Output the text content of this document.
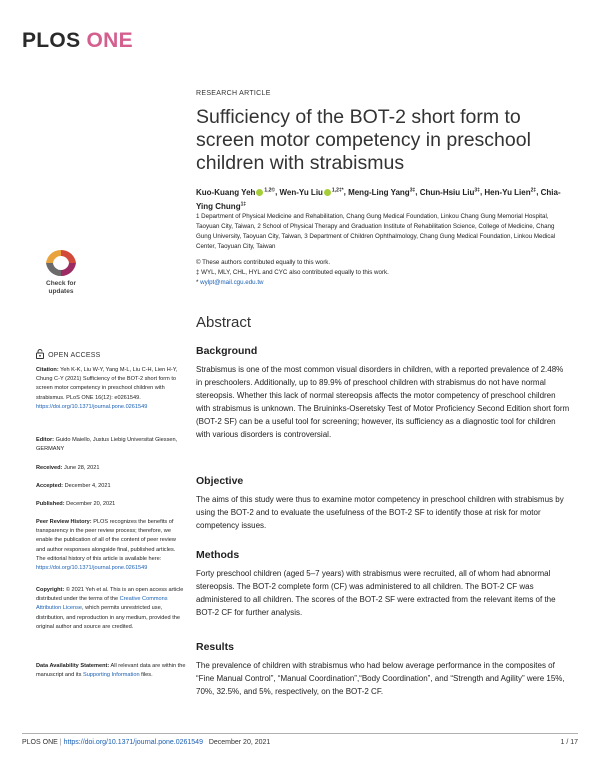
PLOS ONE
RESEARCH ARTICLE
Sufficiency of the BOT-2 short form to screen motor competency in preschool children with strabismus
Kuo-Kuang Yeh $^{1,2©}$, Wen-Yu Liu $^{1,2\ddagger*}$, Meng-Ling Yang$^{3\ddagger}$, Chun-Hsiu Liu$^{3\ddagger}$, Hen-Yu Lien$^{2\ddagger}$, Chia-Ying Chung$^{1\ddagger}$
1 Department of Physical Medicine and Rehabilitation, Chang Gung Medical Foundation, Linkou Chang Gung Memorial Hospital, Taoyuan City, Taiwan, 2 School of Physical Therapy and Graduation Institute of Rehabilitation Science, College of Medicine, Chang Gung University, Taoyuan City, Taiwan, 3 Department of Children Ophthalmology, Chang Gung Medical Foundation, Linkou Medical Center, Taoyuan City, Taiwan
© These authors contributed equally to this work.
‡ WYL, MLY, CHL, HYL and CYC also contributed equally to this work.
* wylpt@mail.cgu.edu.tw
Abstract
Background
Strabismus is one of the most common visual disorders in children, with a reported prevalence of 2.48% in preschoolers. Additionally, up to 89.9% of preschool children with strabismus do not have normal stereopsis. Whether this lack of normal stereopsis affects the motor competency of preschool children with strabismus is unknown. The Bruininks-Oseretsky Test of Motor Proficiency Second Edition short form (BOT-2 SF) can be a useful tool for screening; however, its sufficiency as a diagnostic tool for children with various disorders is controversial.
Objective
The aims of this study were thus to examine motor competency in preschool children with strabismus by using the BOT-2 and to evaluate the usefulness of the BOT-2 SF to identify those at risk for motor competency issues.
Methods
Forty preschool children (aged 5–7 years) with strabismus were recruited, all of whom had abnormal stereopsis. The BOT-2 complete form (CF) was administered to all children. The BOT-2 CF was administered to all children. The scores of the BOT-2 SF were extracted from the relevant items of the BOT-2 CF for further analysis.
Results
The prevalence of children with strabismus who had below average performance in the composites of “Fine Manual Control”, “Manual Coordination”,“Body Coordination”, and “Strength and Agility” were 15%, 70%, 32.5%, and 5%, respectively, on the BOT-2 CF.
Check for
updates
OPEN ACCESS
Citation: Yeh K-K, Liu W-Y, Yang M-L, Liu C-H, Lien H-Y, Chung C-Y (2021) Sufficiency of the BOT-2 short form to screen motor competency in preschool children with strabismus. PLoS ONE 16(12): e0261549. https://doi.org/10.1371/journal.pone.0261549
Editor: Guido Maiello, Justus Liebig Universitat Giessen, GERMANY
Received: June 28, 2021
Accepted: December 4, 2021
Published: December 20, 2021
Peer Review History: PLOS recognizes the benefits of transparency in the peer review process; therefore, we enable the publication of all of the content of peer review and author responses alongside final, published articles. The editorial history of this article is available here: https://doi.org/10.1371/journal.pone.0261549
Copyright: © 2021 Yeh et al. This is an open access article distributed under the terms of the Creative Commons Attribution License, which permits unrestricted use, distribution, and reproduction in any medium, provided the original author and source are credited.
Data Availability Statement: All relevant data are within the manuscript and its Supporting Information files.
PLOS ONE | https://doi.org/10.1371/journal.pone.0261549 December 20, 2021	1 / 17
